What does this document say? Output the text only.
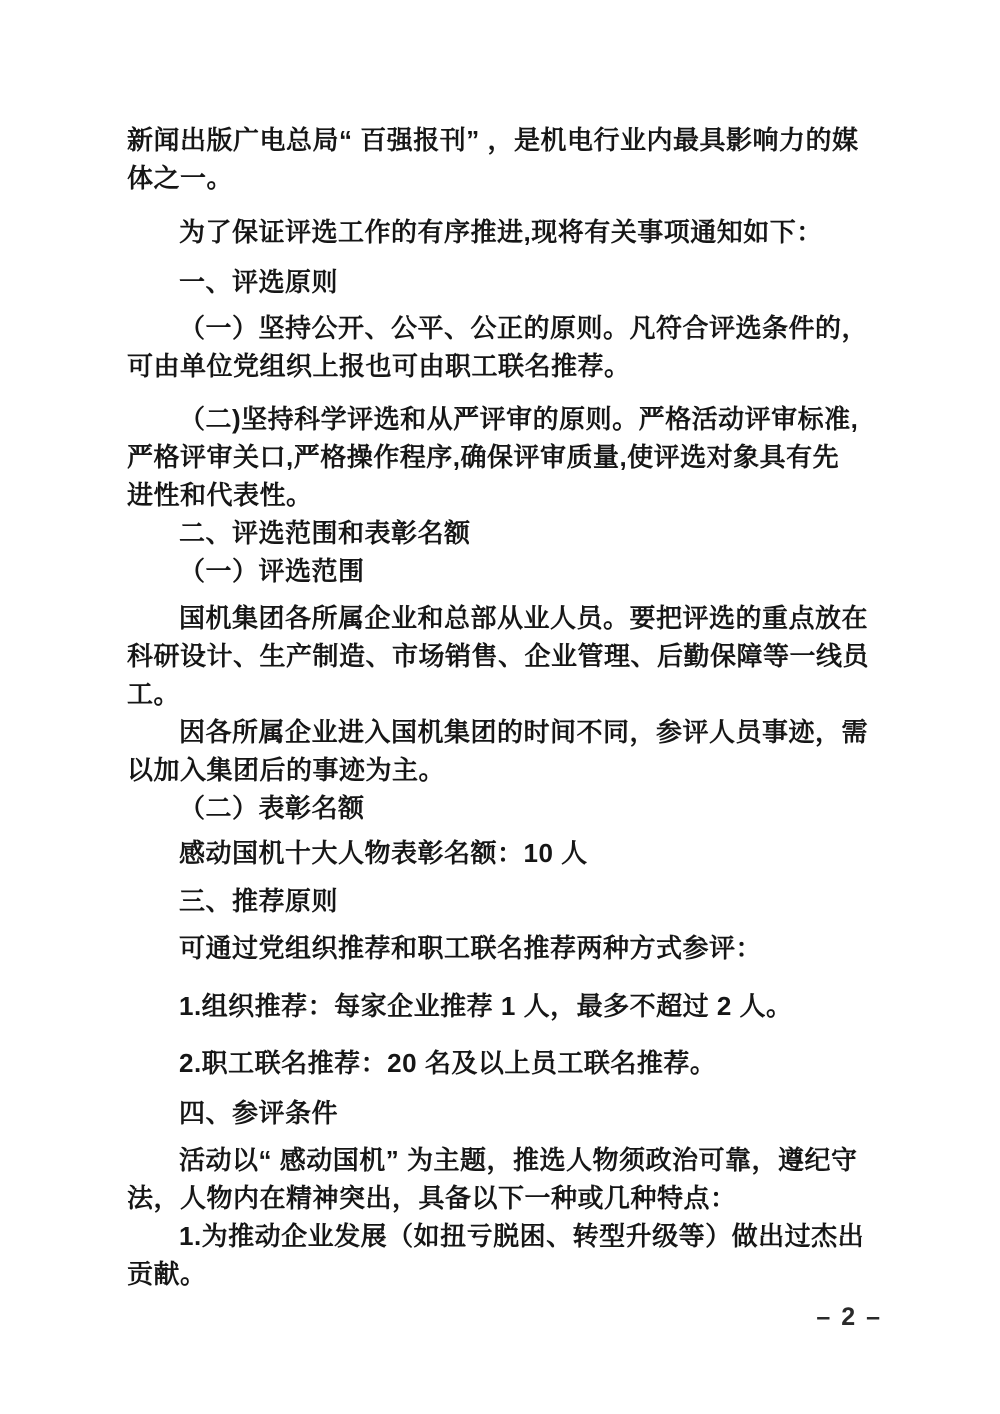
新闻出版广电总局“ 百强报刊” ，是机电行业内最具影响力的媒
体之一。
为了保证评选工作的有序推进,现将有关事项通知如下：
一、评选原则
（一）坚持公开、公平、公正的原则。凡符合评选条件的，
可由单位党组织上报也可由职工联名推荐。
（二)坚持科学评选和从严评审的原则。严格活动评审标准,
严格评审关口,严格操作程序,确保评审质量,使评选对象具有先
进性和代表性。
二、评选范围和表彰名额
（一）评选范围
国机集团各所属企业和总部从业人员。要把评选的重点放在
科研设计、生产制造、市场销售、企业管理、后勤保障等一线员
工。
因各所属企业进入国机集团的时间不同，参评人员事迹，需
以加入集团后的事迹为主。
（二）表彰名额
感动国机十大人物表彰名额：10 人
三、推荐原则
可通过党组织推荐和职工联名推荐两种方式参评：
1.组织推荐：每家企业推荐 1 人，最多不超过 2 人。
2.职工联名推荐：20 名及以上员工联名推荐。
四、参评条件
活动以“ 感动国机” 为主题，推选人物须政治可靠，遵纪守
法，人物内在精神突出，具备以下一种或几种特点：
1.为推动企业发展（如扭亏脱困、转型升级等）做出过杰出
贡献。
– 2 –
